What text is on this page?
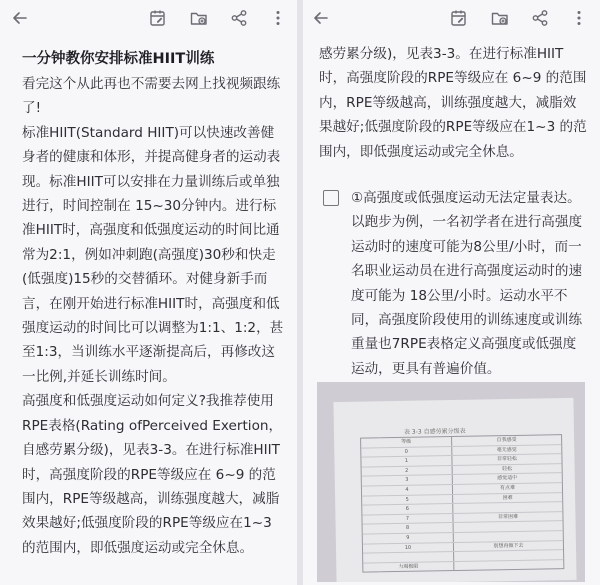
一分钟教你安排标准HIIT训练

看完这个从此再也不需要去网上找视频跟练了!

标准HIIT(Standard HIIT)可以快速改善健身者的健康和体形，并提高健身者的运动表现。标准HIIT可以安排在力量训练后或单独进行，时间控制在 15~30分钟内。进行标准HIIT时，高强度和低强度运动的时间比通常为2:1，例如冲刺跑(高强度)30秒和快走(低强度)15秒的交替循环。对健身新手而言，在刚开始进行标准HIIT时，高强度和低强度运动的时间比可以调整为1:1、1:2，甚至1:3，当训练水平逐渐提高后，再修改这一比例,并延长训练时间。

高强度和低强度运动如何定义?我推荐使用RPE表格(Rating ofPerceived Exertion，自感劳累分级)，见表3-3。在进行标准HIIT时，高强度阶段的RPE等级应在 6~9 的范围内，RPE等级越高，训练强度越大，减脂效果越好;低强度阶段的RPE等级应在1~3 的范围内，即低强度运动或完全休息。

感劳累分级)，见表3-3。在进行标准HIIT时，高强度阶段的RPE等级应在 6~9 的范围内，RPE等级越高，训练强度越大，减脂效果越好;低强度阶段的RPE等级应在1~3 的范围内，即低强度运动或完全休息。

①高强度或低强度运动无法定量表达。以跑步为例，一名初学者在进行高强度运动时的速度可能为8公里/小时，而一名职业运动员在进行高强度运动时的速度可能为 18公里/小时。运动水平不同，高强度阶段使用的训练速度或训练重量也7RPE表格定义高强度或低强度运动，更具有普遍价值。

表 3-3 自感劳累分级表
等级	自我感受
0	毫无感觉
1	非常轻松
2	轻松
3	感觉适中
4	有点难
5	困难
6
7	非常困难
8
9
10	别想再做下去
力竭极限
